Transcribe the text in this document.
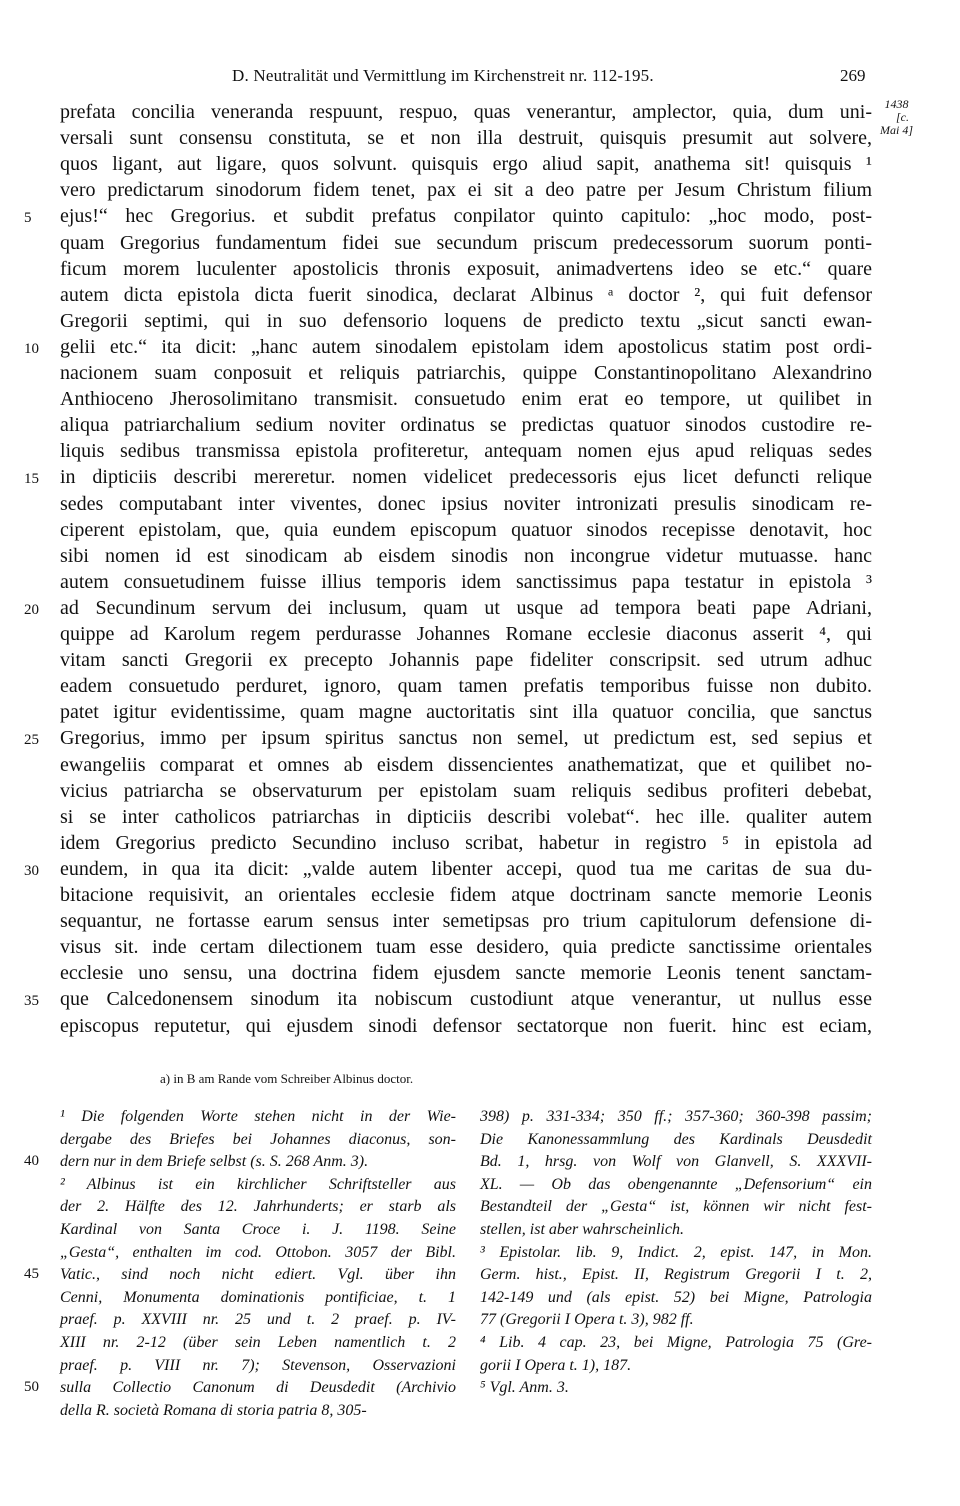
D. Neutralität und Vermittlung im Kirchenstreit nr. 112-195.	269
1438
[c.
Mai 4]
prefata concilia veneranda respuunt, respuo, quas venerantur, amplector, quia, dum uni-
versali sunt consensu constituta, se et non illa destruit, quisquis presumit aut solvere,
quos ligant, aut ligare, quos solvunt. quisquis ergo aliud sapit, anathema sit! quisquis ¹
vero predictarum sinodorum fidem tenet, pax ei sit a deo patre per Jesum Christum filium
ejus!“ hec Gregorius. et subdit prefatus conpilator quinto capitulo: „hoc modo, post-
quam Gregorius fundamentum fidei sue secundum priscum predecessorum suorum ponti-
ficum morem luculenter apostolicis thronis exposuit, animadvertens ideo se etc.“ quare
autem dicta epistola dicta fuerit sinodica, declarat Albinus ᵃ doctor ², qui fuit defensor
Gregorii septimi, qui in suo defensorio loquens de predicto textu „sicut sancti ewan-
gelii etc.“ ita dicit: „hanc autem sinodalem epistolam idem apostolicus statim post ordi-
nacionem suam conposuit et reliquis patriarchis, quippe Constantinopolitano Alexandrino
Anthioceno Jherosolimitano transmisit. consuetudo enim erat eo tempore, ut quilibet in
aliqua patriarchalium sedium noviter ordinatus se predictas quatuor sinodos custodire re-
liquis sedibus transmissa epistola profiteretur, antequam nomen ejus apud reliquas sedes
in dipticiis describi mereretur. nomen videlicet predecessoris ejus licet defuncti relique
sedes computabant inter viventes, donec ipsius noviter intronizati presulis sinodicam re-
ciperent epistolam, que, quia eundem episcopum quatuor sinodos recepisse denotavit, hoc
sibi nomen id est sinodicam ab eisdem sinodis non incongrue videtur mutuasse. hanc
autem consuetudinem fuisse illius temporis idem sanctissimus papa testatur in epistola ³
ad Secundinum servum dei inclusum, quam ut usque ad tempora beati pape Adriani,
quippe ad Karolum regem perdurasse Johannes Romane ecclesie diaconus asserit ⁴, qui
vitam sancti Gregorii ex precepto Johannis pape fideliter conscripsit. sed utrum adhuc
eadem consuetudo perduret, ignoro, quam tamen prefatis temporibus fuisse non dubito.
patet igitur evidentissime, quam magne auctoritatis sint illa quatuor concilia, que sanctus
Gregorius, immo per ipsum spiritus sanctus non semel, ut predictum est, sed sepius et
ewangeliis comparat et omnes ab eisdem dissencientes anathematizat, que et quilibet no-
vicius patriarcha se observaturum per epistolam suam reliquis sedibus profiteri debebat,
si se inter catholicos patriarchas in dipticiis describi volebat“. hec ille. qualiter autem
idem Gregorius predicto Secundino incluso scribat, habetur in registro ⁵ in epistola ad
eundem, in qua ita dicit: „valde autem libenter accepi, quod tua me caritas de sua du-
bitacione requisivit, an orientales ecclesie fidem atque doctrinam sancte memorie Leonis
sequantur, ne fortasse earum sensus inter semetipsas pro trium capitulorum defensione di-
visus sit. inde certam dilectionem tuam esse desidero, quia predicte sanctissime orientales
ecclesie uno sensu, una doctrina fidem ejusdem sancte memorie Leonis tenent sanctam-
que Calcedonensem sinodum ita nobiscum custodiunt atque venerantur, ut nullus esse
episcopus reputetur, qui ejusdem sinodi defensor sectatorque non fuerit. hinc est eciam,
5
10
15
20
25
30
35
a) in B am Rande vom Schreiber Albinus doctor.
¹ Die folgenden Worte stehen nicht in der Wie-
dergabe des Briefes bei Johannes diaconus, son-
dern nur in dem Briefe selbst (s. S. 268 Anm. 3).
² Albinus ist ein kirchlicher Schriftsteller aus
der 2. Hälfte des 12. Jahrhunderts; er starb als
Kardinal von Santa Croce i. J. 1198. Seine
„Gesta“, enthalten im cod. Ottobon. 3057 der Bibl.
Vatic., sind noch nicht ediert. Vgl. über ihn
Cenni, Monumenta dominationis pontificiae, t. 1
praef. p. XXVIII nr. 25 und t. 2 praef. p. IV-
XIII nr. 2-12 (über sein Leben namentlich t. 2
praef. p. VIII nr. 7); Stevenson, Osservazioni
sulla Collectio Canonum di Deusdedit (Archivio
della R. società Romana di storia patria 8, 305-
398) p. 331-334; 350 ff.; 357-360; 360-398 passim;
Die Kanonessammlung des Kardinals Deusdedit
Bd. 1, hrsg. von Wolf von Glanvell, S. XXXVII-
XL. — Ob das obengenannte „Defensorium“ ein
Bestandteil der „Gesta“ ist, können wir nicht fest-
stellen, ist aber wahrscheinlich.
³ Epistolar. lib. 9, Indict. 2, epist. 147, in Mon.
Germ. hist., Epist. II, Registrum Gregorii I t. 2,
142-149 und (als epist. 52) bei Migne, Patrologia
77 (Gregorii I Opera t. 3), 982 ff.
⁴ Lib. 4 cap. 23, bei Migne, Patrologia 75 (Gre-
gorii I Opera t. 1), 187.
⁵ Vgl. Anm. 3.
40
45
50
